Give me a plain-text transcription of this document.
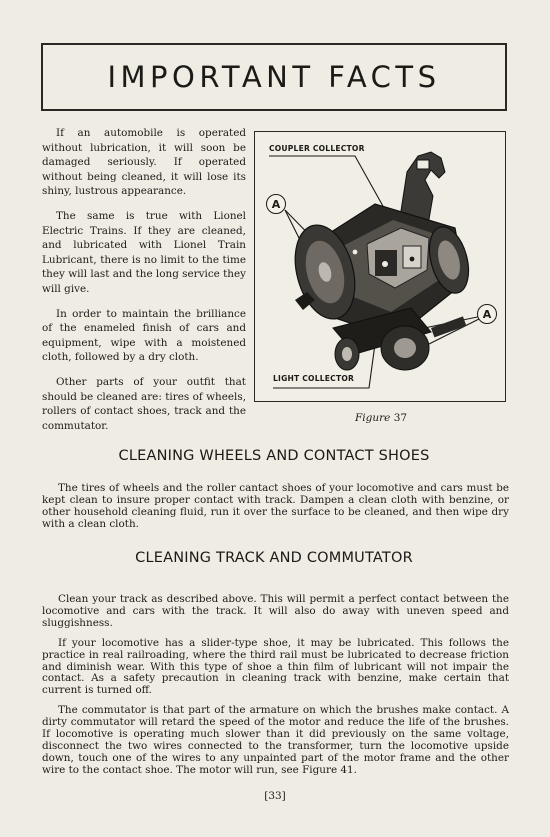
IMPORTANT FACTS

If an automobile is operated without lubrication, it will soon be damaged seriously. If operated without being cleaned, it will lose its shiny, lustrous appearance.

The same is true with Lionel Electric Trains. If they are cleaned, and lubricated with Lionel Train Lubricant, there is no limit to the time they will last and the long service they will give.

In order to maintain the brilliance of the enameled finish of cars and equipment, wipe with a moistened cloth, followed by a dry cloth.

Other parts of your outfit that should be cleaned are: tires of wheels, rollers of contact shoes, track and the commutator.

COUPLER COLLECTOR
LIGHT COLLECTOR
A
A
Figure 37
CLEANING WHEELS AND CONTACT SHOES

The tires of wheels and the roller cantact shoes of your locomotive and cars must be kept clean to insure proper contact with track. Dampen a clean cloth with benzine, or other household cleaning fluid, run it over the surface to be cleaned, and then wipe dry with a clean cloth.

CLEANING TRACK AND COMMUTATOR

Clean your track as described above. This will permit a perfect contact between the locomotive and cars with the track. It will also do away with uneven speed and sluggishness.

If your locomotive has a slider-type shoe, it may be lubricated. This follows the practice in real railroading, where the third rail must be lubricated to decrease friction and diminish wear. With this type of shoe a thin film of lubricant will not impair the contact. As a safety precaution in cleaning track with benzine, make certain that current is turned off.

The commutator is that part of the armature on which the brushes make contact. A dirty commutator will retard the speed of the motor and reduce the life of the brushes. If locomotive is operating much slower than it did previously on the same voltage, disconnect the two wires connected to the transformer, turn the locomotive upside down, touch one of the wires to any unpainted part of the motor frame and the other wire to the contact shoe. The motor will run, see Figure 41.

[33]
